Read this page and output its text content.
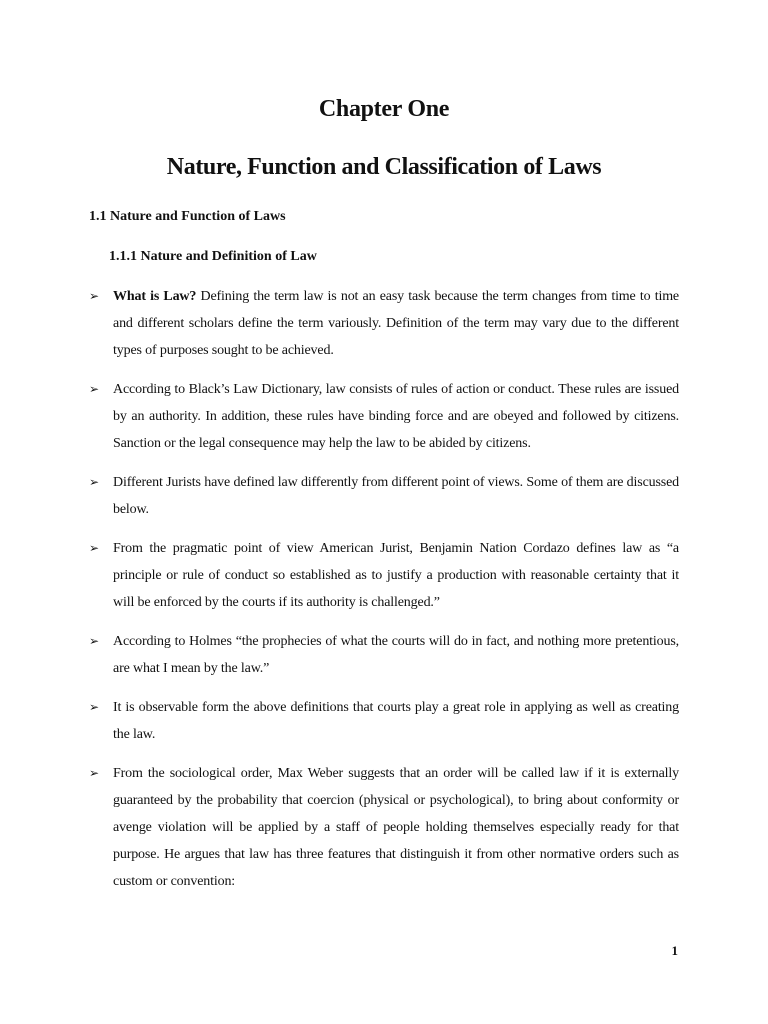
Chapter One
Nature, Function and Classification of Laws
1.1 Nature and Function of Laws
1.1.1 Nature and Definition of Law

➢ What is Law? Defining the term law is not an easy task because the term changes from time to time and different scholars define the term variously. Definition of the term may vary due to the different types of purposes sought to be achieved.

➢ According to Black’s Law Dictionary, law consists of rules of action or conduct. These rules are issued by an authority. In addition, these rules have binding force and are obeyed and followed by citizens. Sanction or the legal consequence may help the law to be abided by citizens.

➢ Different Jurists have defined law differently from different point of views. Some of them are discussed below.

➢ From the pragmatic point of view American Jurist, Benjamin Nation Cordazo defines law as “a principle or rule of conduct so established as to justify a production with reasonable certainty that it will be enforced by the courts if its authority is challenged.”

➢ According to Holmes “the prophecies of what the courts will do in fact, and nothing more pretentious, are what I mean by the law.”

➢ It is observable form the above definitions that courts play a great role in applying as well as creating the law.

➢ From the sociological order, Max Weber suggests that an order will be called law if it is externally guaranteed by the probability that coercion (physical or psychological), to bring about conformity or avenge violation will be applied by a staff of people holding themselves especially ready for that purpose. He argues that law has three features that distinguish it from other normative orders such as custom or convention:

1
